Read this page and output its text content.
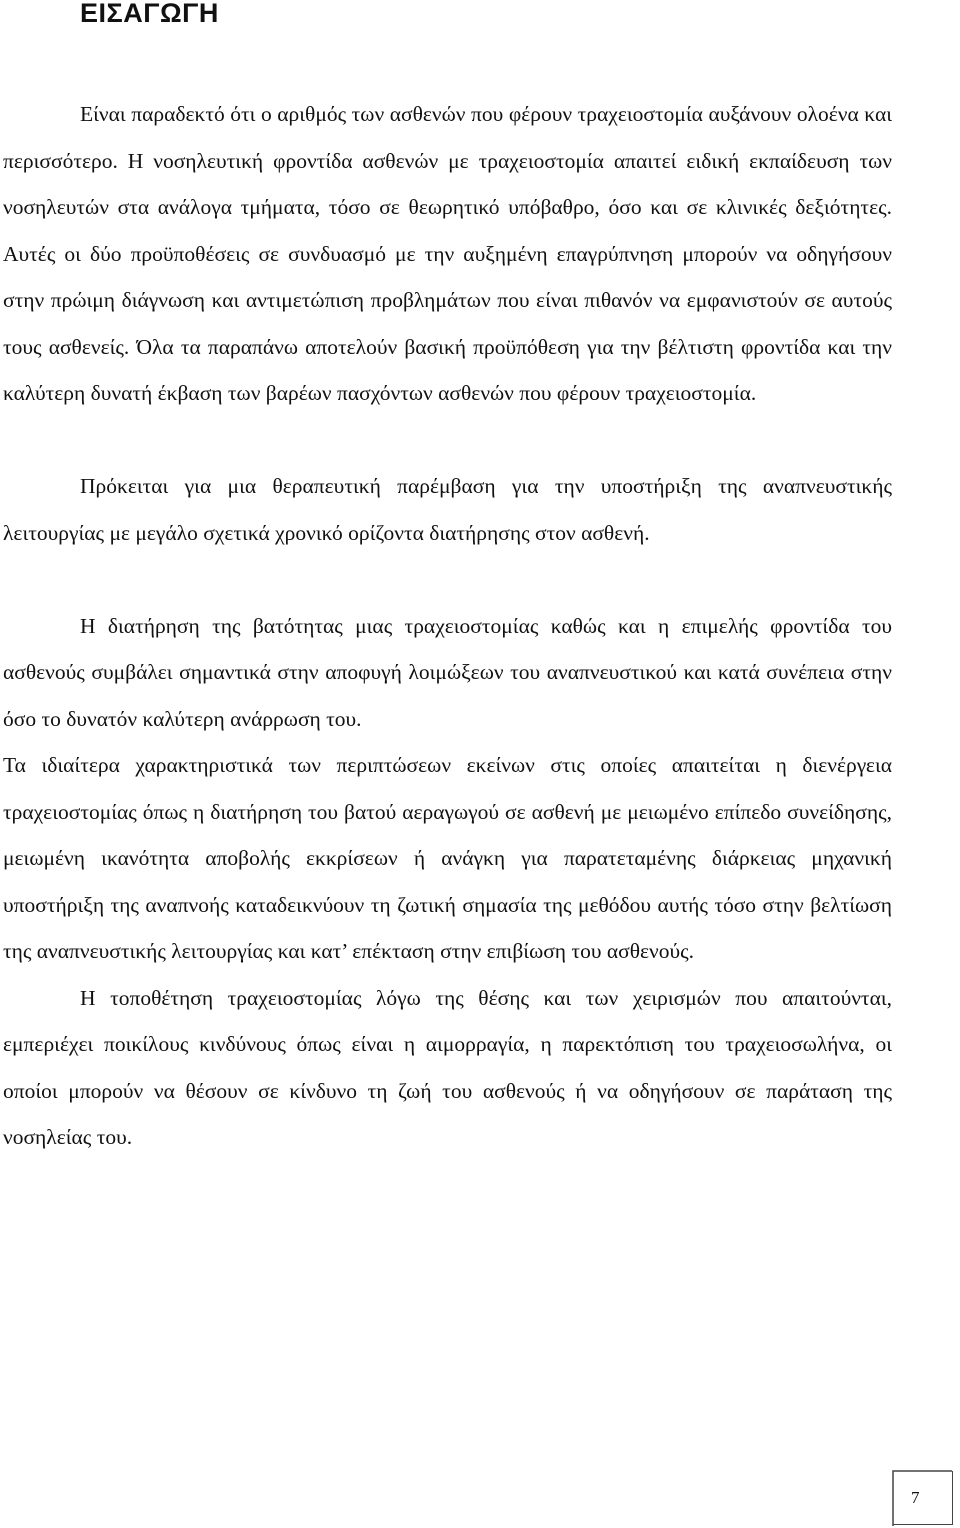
ΕΙΣΑΓΩΓΗ

Είναι παραδεκτό ότι ο αριθμός των ασθενών που φέρουν τραχειοστομία αυξάνουν ολοένα και περισσότερο. Η νοσηλευτική φροντίδα ασθενών με τραχειοστομία απαιτεί ειδική εκπαίδευση των νοσηλευτών στα ανάλογα τμήματα, τόσο σε θεωρητικό υπόβαθρο, όσο και σε κλινικές δεξιότητες. Αυτές οι δύο προϋποθέσεις σε συνδυασμό με την αυξημένη επαγρύπνηση μπορούν να οδηγήσουν στην πρώιμη διάγνωση και αντιμετώπιση προβλημάτων που είναι πιθανόν να εμφανιστούν σε αυτούς τους ασθενείς. Όλα τα παραπάνω αποτελούν βασική προϋπόθεση για την βέλτιστη φροντίδα και την καλύτερη δυνατή έκβαση των βαρέων πασχόντων ασθενών που φέρουν τραχειοστομία.

Πρόκειται για μια θεραπευτική παρέμβαση για την υποστήριξη της αναπνευστικής λειτουργίας με μεγάλο σχετικά χρονικό ορίζοντα διατήρησης στον ασθενή.

Η διατήρηση της βατότητας μιας τραχειοστομίας καθώς και η επιμελής φροντίδα του ασθενούς συμβάλει σημαντικά στην αποφυγή λοιμώξεων του αναπνευστικού και κατά συνέπεια στην όσο το δυνατόν καλύτερη ανάρρωση του.

Τα ιδιαίτερα χαρακτηριστικά των περιπτώσεων εκείνων στις οποίες απαιτείται η διενέργεια τραχειοστομίας όπως η διατήρηση του βατού αεραγωγού σε ασθενή με μειωμένο επίπεδο συνείδησης, μειωμένη ικανότητα αποβολής εκκρίσεων ή ανάγκη για παρατεταμένης διάρκειας μηχανική υποστήριξη της αναπνοής καταδεικνύουν τη ζωτική σημασία της μεθόδου αυτής τόσο στην βελτίωση της αναπνευστικής λειτουργίας και κατ’ επέκταση στην επιβίωση του ασθενούς.

Η τοποθέτηση τραχειοστομίας λόγω της θέσης και των χειρισμών που απαιτούνται, εμπεριέχει ποικίλους κινδύνους όπως είναι η αιμορραγία, η παρεκτόπιση του τραχειοσωλήνα, οι οποίοι μπορούν να θέσουν σε κίνδυνο τη ζωή του ασθενούς ή να οδηγήσουν σε παράταση της νοσηλείας του.

7
